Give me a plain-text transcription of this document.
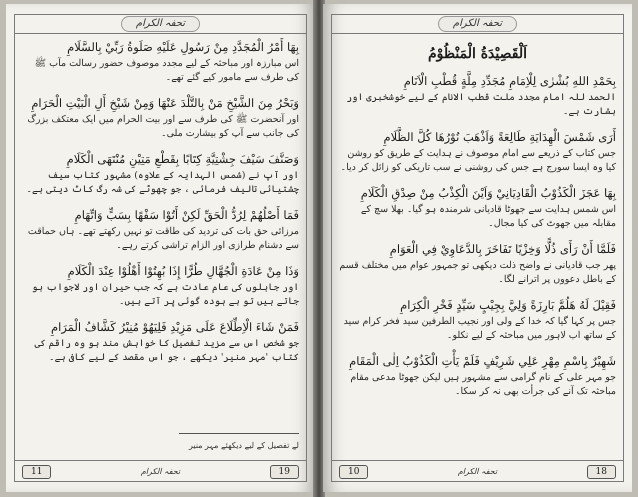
تحفہ الکرام
بِهَا أَمْرُ الْمُجَدَّدِ مِنْ رَسُولِ عَلَيْهِ صَلَوةُ رَبِّيْ بِالسَّلَامِ
اس مبارزہ اور مباحثہ کے لیے مجدد موصوف حضور رسالت مآب ﷺ کی طرف سے مامور کیے گئے تھے۔
وَبَحْرُ مِنَ الشَّيْخِ مَنْ بِالتَّلْدَ عَنْهَا وَمِنْ شَيْخِ أَلِ الْبَيْتِ الْحَرَامِ
اور آنحضرت ﷺ کی طرف سے اور بیت الحرام میں ایک معتکف بزرگ کی جانب سے آپ کو بیشارت ملی۔
وَصَنَّفَ سَيْفَ جِشْتِيَّةِ كِتَابًا بِقَطْعِ مَتِيْنِ مُنْتَهَى الْكَلَامِ
اور آپ نے (شمس الہدایہ کے علاوہ) مشہور کتاب سیف چشتیائی تالیف فرمائی ، جو چھوٹے کی شہ رگ کاٹ دیتی ہے۔
فَمَا أَصْلُهُمْ لِرُدُّ الْحَقِّ لَكِنْ أَتُوْا سَفْهًا بِسَبٍّ وَاتِّهَامِ
مرزائی حق بات کی تردید کی طاقت تو نہیں رکھتے تھے۔ ہاں حماقت سے دشنام طرازی اور الزام تراشی کرتے رہے۔
وَذَا مِنْ عَادَةِ الْجُهَّالِ طُرًّا إِذَا بُهِتُوْا أَهْلُوْا عِنْدَ الْكَلَامِ
اور جاہلوں کی عام عادت ہے کہ جب حیران اور لاجواب ہو جاتے ہیں تو بے ہودہ گوئی پر آتے ہیں۔
فَمَنْ شَاءَ الْاِطِّلَاعَ عَلَى مَزِيْدِ فَلِيَهُوْ مُنِيْرُ كَشَّافُ الْمَرَامِ
جو شخص اس سے مزید تفصیل کا خواہش مند ہو وہ راقم کی کتاب 'مہر منیر' دیکھے ، جو اس مقصد کے لیے کافی ہے۔
لے تفصیل کے لیے دیکھئے مہر منیر
11	تحفہ الکرام	19
تحفہ الکرام
اَلْقَصِيْدَةُ الْمَنْظُوْمُ
بِحَمْدِ اللهِ بُشْرٰى لِلْاِمَامِ مُجَدِّدِ مِلَّةٍ قُطْبِ الْاَنَامِ
الحمد للہ امام مجدد ملت قطب الانام کے لیے خوشخبری اور بشارت ہے۔
أَرَى شَمْسَ الْهِدَايَةِ طَالِعَةً وَاَذْهَبَ نُوْرُهَا كُلَّ الظَّلَامِ
جس کتاب کے ذریعے سے امام موصوف نے ہدایت کے طریق کو روشن کیا وہ ایسا سورج ہے جس کی روشنی نے سب تاریکی کو زائل کر دیا۔
بِهَا عَجَزَ الْكَذُوْبُ الْقَادِيَانِيْ وَاَيْنَ الْكِذْبُ مِنْ صِدْقِ الْكَلَامِ
اس شمس ہدایت سے جھوٹا قادیانی شرمندہ ہو گیا۔ بھلا سچ کے مقابلہ میں جھوٹ کی کیا مجال۔
فَلَمَّا أَنْ رَأَى ذُلًّا وَخِزْيًا تَفَاخَرَ بِالدَّعَاوِيْ فِي الْعَوَامِ
پھر جب قادیانی نے واضح ذلت دیکھی تو جمہور عوام میں مختلف قسم کے باطل دعووں پر اترانے لگا۔
فَقِيْلَ لَهُ هَلُمَّ بَارِزَةً وَلِيَّ بِجِيْبٍ سَيِّدٍ فَخْرِ الْكِرَامِ
جس پر کہا گیا کہ خدا کے ولی اور نجیب الطرفین سید فخر کرام سید کے ساتھ اب لاہور میں مباحثہ کے لیے نکلو۔
شَهِيْرٌ بِاسْمِ مِهْرِ عَلِي شَرِيْفٍ فَلَمْ يَأْتِ الْكَذُوْبُ اِلٰى الْمَقَامِ
جو مہر علی کے نام گرامی سے مشہور ہیں لیکن جھوٹا مدعی مقام مباحثہ تک آنے کی جرأت بھی نہ کر سکا۔
10	تحفہ الکرام	18
